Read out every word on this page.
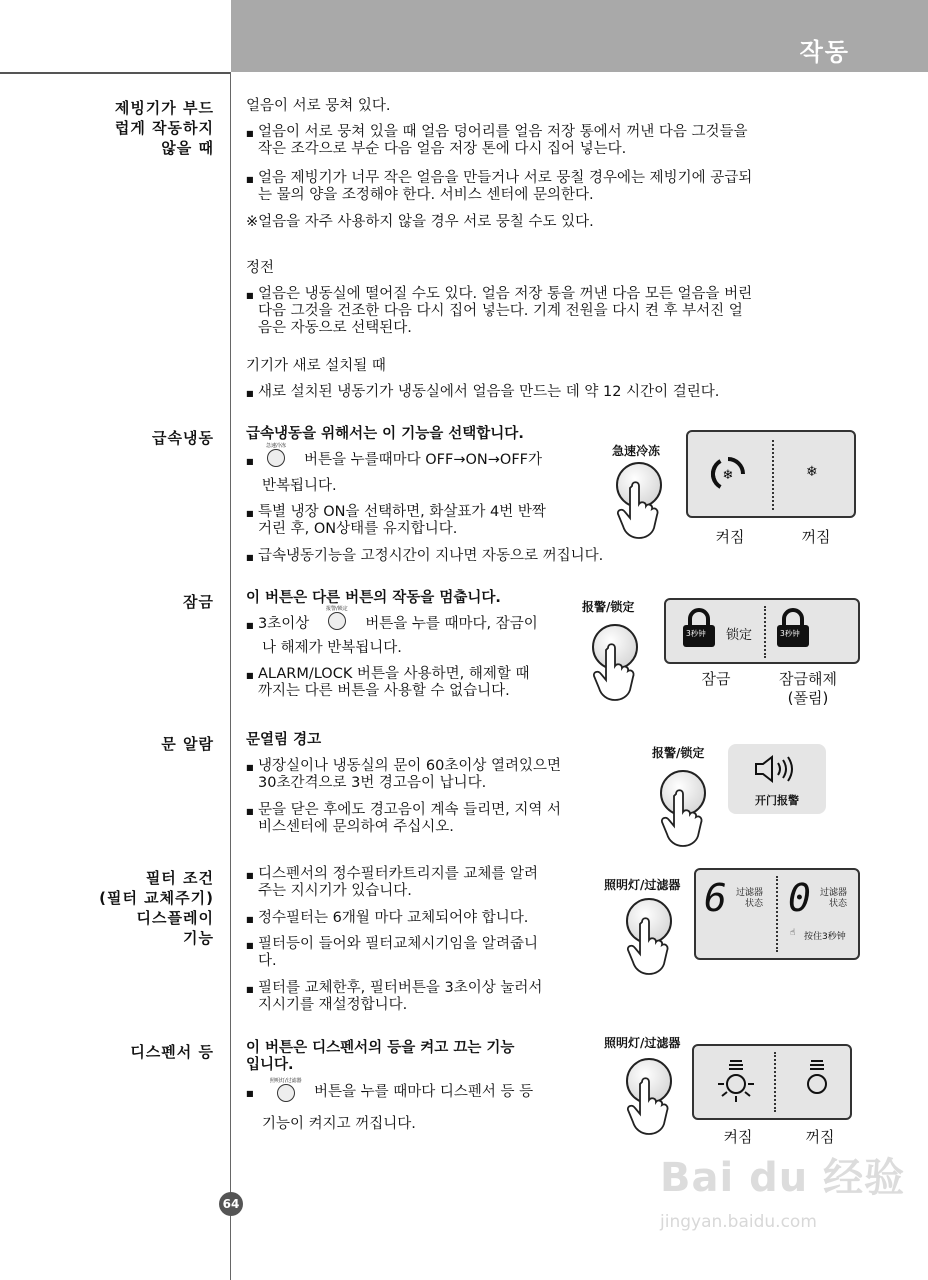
작동
제빙기가 부드
럽게 작동하지
않을 때
얼음이 서로 뭉쳐 있다.
■ 얼음이 서로 뭉쳐 있을 때 얼음 덩어리를 얼음 저장 통에서 꺼낸 다음 그것들을
작은 조각으로 부순 다음 얼음 저장 톤에 다시 집어 넣는다.
■ 얼음 제빙기가 너무 작은 얼음을 만들거나 서로 뭉칠 경우에는 제빙기에 공급되
는 물의 양을 조정해야 한다. 서비스 센터에 문의한다.
※얼음을 자주 사용하지 않을 경우 서로 뭉칠 수도 있다.
정전
■ 얼음은 냉동실에 떨어질 수도 있다. 얼음 저장 통을 꺼낸 다음 모든 얼음을 버린
다음 그것을 건조한 다음 다시 집어 넣는다. 기계 전원을 다시 켠 후 부서진 얼
음은 자동으로 선택된다.
기기가 새로 설치될 때
■ 새로 설치된 냉동기가 냉동실에서 얼음을 만드는 데 약 12 시간이 걸린다.
급속냉동 급속냉동을 위해서는 이 기능을 선택합니다.
■ 버튼을 누를때마다 OFF→ON→OFF가
急速冷冻
반복됩니다.
■ 특별 냉장 ON을 선택하면, 화살표가 4번 반짝
거린 후, ON상태를 유지합니다.
■ 급속냉동기능을 고정시간이 지나면 자동으로 꺼집니다.
急速冷冻
❄	❄
켜짐	꺼짐
잠금 이 버튼은 다른 버튼의 작동을 멈춥니다.
■ 3초이상	버튼을 누를 때마다, 잠금이
报警/锁定
나 해제가 반복됩니다.
■ ALARM/LOCK 버튼을 사용하면, 해제할 때
까지는 다른 버튼을 사용할 수 없습니다.
报警/锁定
3秒钟 锁定	3秒钟
잠금	잠금해제
(폴림)
문 알람 문열림 경고
■ 냉장실이나 냉동실의 문이 60초이상 열려있으면
30초간격으로 3번 경고음이 납니다.
■ 문을 닫은 후에도 경고음이 계속 들리면, 지역 서
비스센터에 문의하여 주십시오.
报警/锁定
开门报警
필터 조건
(필터 교체주기)
디스플레이
기능
■ 디스펜서의 정수필터카트리지를 교체를 알려
주는 지시기가 있습니다.
■ 정수필터는 6개월 마다 교체되어야 합니다.
■ 필터등이 들어와 필터교체시기임을 알려줍니
다.
■ 필터를 교체한후, 필터버튼을 3초이상 눌러서
지시기를 재설정합니다.
照明灯/过滤器 6 过滤器
状态 0 过滤器
状态
☝ 按住3秒钟
디스펜서 등 이 버튼은 디스펜서의 등을 켜고 끄는 기능
입니다.
■ 버튼을 누를 때마다 디스펜서 등 등
照明灯/过滤器
기능이 켜지고 꺼집니다.
照明灯/过滤器
켜짐	꺼짐
64
Bai du 经验
jingyan.baidu.com
